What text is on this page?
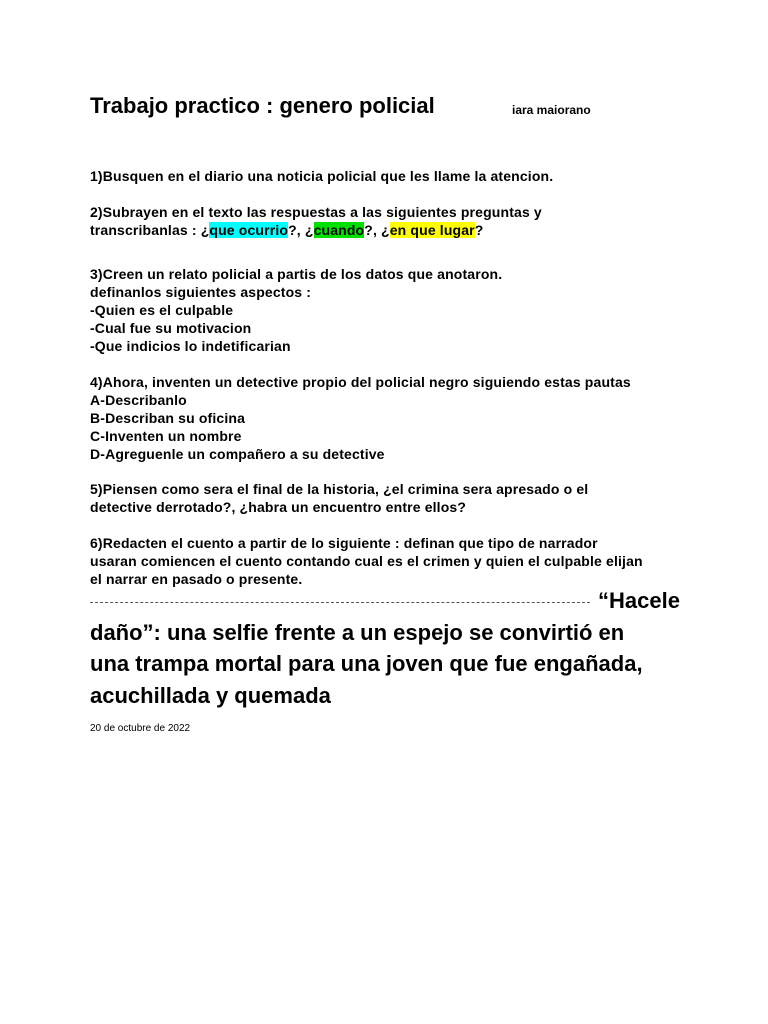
Trabajo practico : genero policial	iara maiorano
1)Busquen en el diario una noticia policial que les llame la atencion.
2)Subrayen en el texto las respuestas a las siguientes preguntas y
transcribanlas : ¿que ocurrio?, ¿cuando?, ¿en que lugar?
3)Creen un relato policial a partis de los datos que anotaron.
definanlos siguientes aspectos :
-Quien es el culpable
-Cual fue su motivacion
-Que indicios lo indetificarian
4)Ahora, inventen un detective propio del policial negro siguiendo estas pautas
A-Describanlo
B-Describan su oficina
C-Inventen un nombre
D-Agreguenle un compañero a su detective
5)Piensen como sera el final de la historia, ¿el crimina sera apresado o el
detective derrotado?, ¿habra un encuentro entre ellos?
6)Redacten el cuento a partir de lo siguiente : definan que tipo de narrador
usaran comiencen el cuento contando cual es el crimen y quien el culpable elijan
el narrar en pasado o presente.
“Hacele
daño”: una selfie frente a un espejo se convirtió en
una trampa mortal para una joven que fue engañada,
acuchillada y quemada
20 de octubre de 2022
